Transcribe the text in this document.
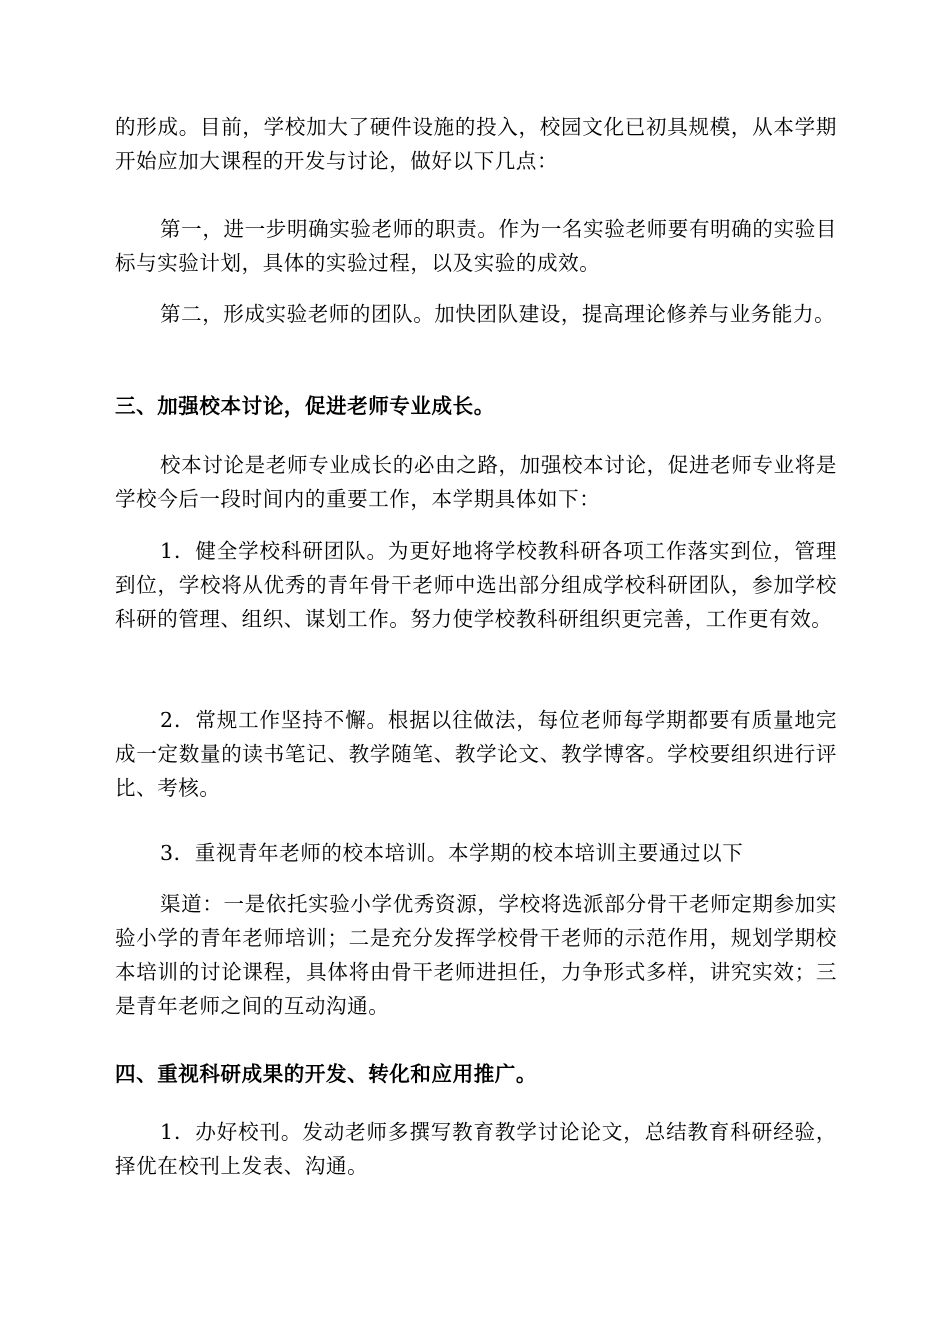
的形成。目前，学校加大了硬件设施的投入，校园文化已初具规模，从本学期开始应加大课程的开发与讨论，做好以下几点：

第一，进一步明确实验老师的职责。作为一名实验老师要有明确的实验目标与实验计划，具体的实验过程，以及实验的成效。

第二，形成实验老师的团队。加快团队建设，提高理论修养与业务能力。

三、加强校本讨论，促进老师专业成长。

校本讨论是老师专业成长的必由之路，加强校本讨论，促进老师专业将是学校今后一段时间内的重要工作，本学期具体如下：

1．健全学校科研团队。为更好地将学校教科研各项工作落实到位，管理到位，学校将从优秀的青年骨干老师中选出部分组成学校科研团队，参加学校科研的管理、组织、谋划工作。努力使学校教科研组织更完善，工作更有效。

2．常规工作坚持不懈。根据以往做法，每位老师每学期都要有质量地完成一定数量的读书笔记、教学随笔、教学论文、教学博客。学校要组织进行评比、考核。

3．重视青年老师的校本培训。本学期的校本培训主要通过以下

渠道：一是依托实验小学优秀资源，学校将选派部分骨干老师定期参加实验小学的青年老师培训；二是充分发挥学校骨干老师的示范作用，规划学期校本培训的讨论课程，具体将由骨干老师进担任，力争形式多样，讲究实效；三是青年老师之间的互动沟通。

四、重视科研成果的开发、转化和应用推广。

1．办好校刊。发动老师多撰写教育教学讨论论文，总结教育科研经验，择优在校刊上发表、沟通。
